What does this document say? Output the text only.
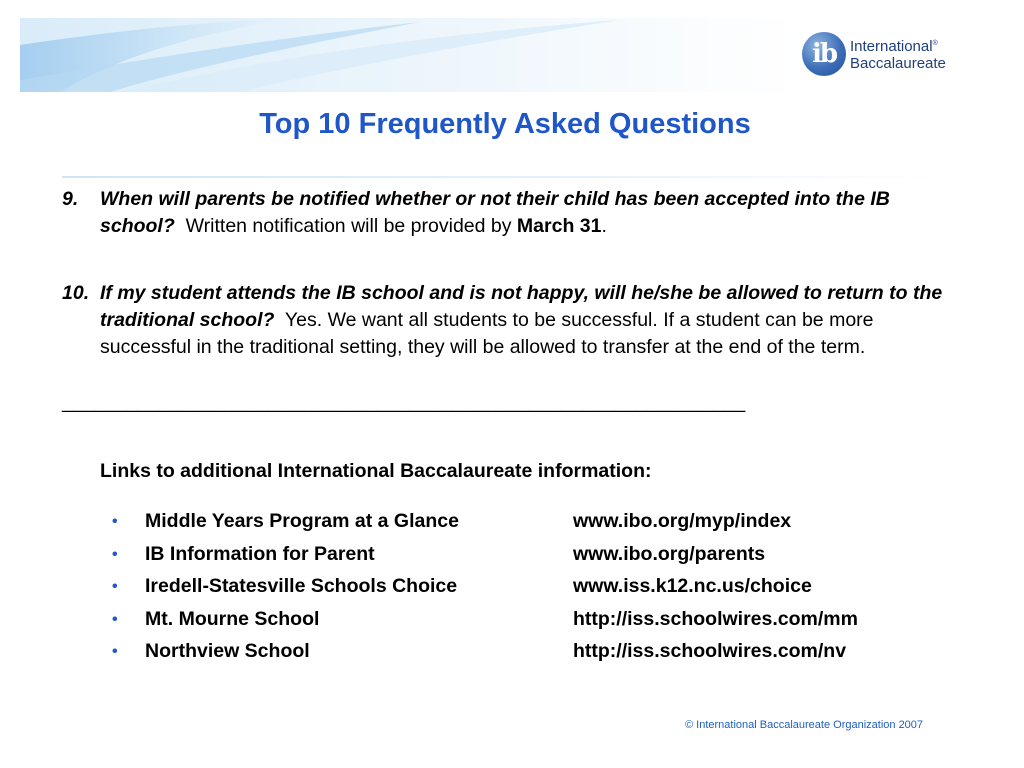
ib International®
Baccalaureate
Top 10 Frequently Asked Questions
9. When will parents be notified whether or not their child has been accepted into the IB school? Written notification will be provided by March 31.
10. If my student attends the IB school and is not happy, will he/she be allowed to return to the traditional school? Yes. We want all students to be successful. If a student can be more successful in the traditional setting, they will be allowed to transfer at the end of the term.
_______________________________________________________________
Links to additional International Baccalaureate information:
• Middle Years Program at a Glance	www.ibo.org/myp/index
• IB Information for Parent	www.ibo.org/parents
• Iredell-Statesville Schools Choice	www.iss.k12.nc.us/choice
• Mt. Mourne School	http://iss.schoolwires.com/mm
• Northview School	http://iss.schoolwires.com/nv
© International Baccalaureate Organization 2007
